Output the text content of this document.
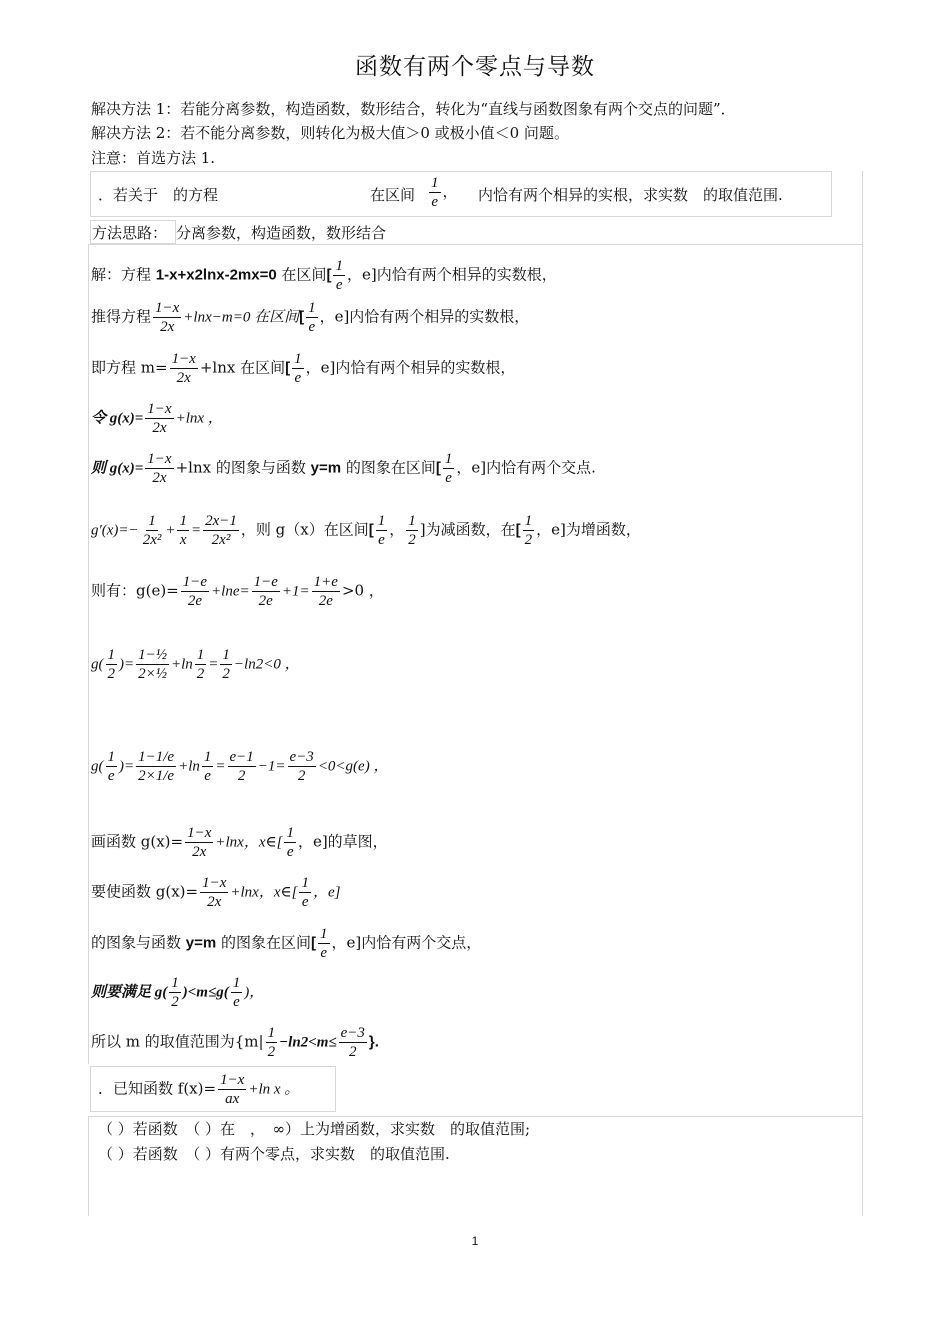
函数有两个零点与导数
解决方法 1：若能分离参数，构造函数，数形结合，转化为“直线与函数图象有两个交点的问题”．
解决方法 2：若不能分离参数，则转化为极大值＞0 或极小值＜0 问题。
注意：首选方法 1.
．若关于　的方程	在区间 $\frac{1}{e}$ ， 内恰有两个相异的实根，求实数　的取值范围.
方法思路： 分离参数，构造函数，数形结合
解：方程 1-x+x2lnx-2mx=0 在区间[ $\frac{1}{e}$ ，e]内恰有两个相异的实数根，
推得方程 $\frac{1-x}{2x} +\ln x-m=0$ 在区间[ $\frac{1}{e}$ ，e]内恰有两个相异的实数根，
即方程 $m= \frac{1-x}{2x} +\ln x$ 在区间[ $\frac{1}{e}$ ，e]内恰有两个相异的实数根，
令 $g(x)= \frac{1-x}{2x} +\ln x$ ，
则 $g(x)= \frac{1-x}{2x} +\ln x$ 的图象与函数 y=m 的图象在区间[ $\frac{1}{e}$ ，e]内恰有两个交点.
$g'(x)=- \frac{1}{\text{2x²}} + \frac{1}{x} = \frac{2x-1}{\text{2x²}}$ ，则 g（x）在区间[ $\frac{1}{e}$ ， $\frac{1}{2}$ ]为减函数，在[ $\frac{1}{2}$ ，e]为增函数，
则有：$g(e)= \frac{1-e}{2e} +\ln e= \frac{1-e}{2e} +1= \frac{1+e}{2e} >0$ ，
$g( \frac{1}{2}$ )= $\frac{\text{1−½}}{\text{2×½}} +\ln \frac{1}{2} = \frac{1}{2} -\ln 2<0$ ，
$g( \frac{1}{e}$ )= $\frac{1-1/e}{2\times 1/e} +\ln \frac{1}{e} = \frac{e-1}{2} -1= \frac{e-3}{2} <0<g(e)$ ，
画函数 $g(x)= \frac{1-x}{2x} +\ln x$，x∈[ $\frac{1}{e}$ ，e]的草图，
要使函数 $g(x)= \frac{1-x}{2x} +\ln x$，x∈[ $\frac{1}{e}$ ，e]
的图象与函数 y=m 的图象在区间[ $\frac{1}{e}$ ，e]内恰有两个交点，
则要满足 $g( \frac{1}{2} )<m\le g( \frac{1}{e}$ )，
所以 m 的取值范围为{$m| \frac{1}{2} -\ln 2<m\le \frac{e-3}{2}$ }.
．已知函数 $f(x)= \frac{1-x}{ax} +\ln$ x 。
（ ）若函数　（ ）在　，　∞）上为增函数，求实数　的取值范围;
（ ）若函数　（ ）有两个零点，求实数　的取值范围.
1
